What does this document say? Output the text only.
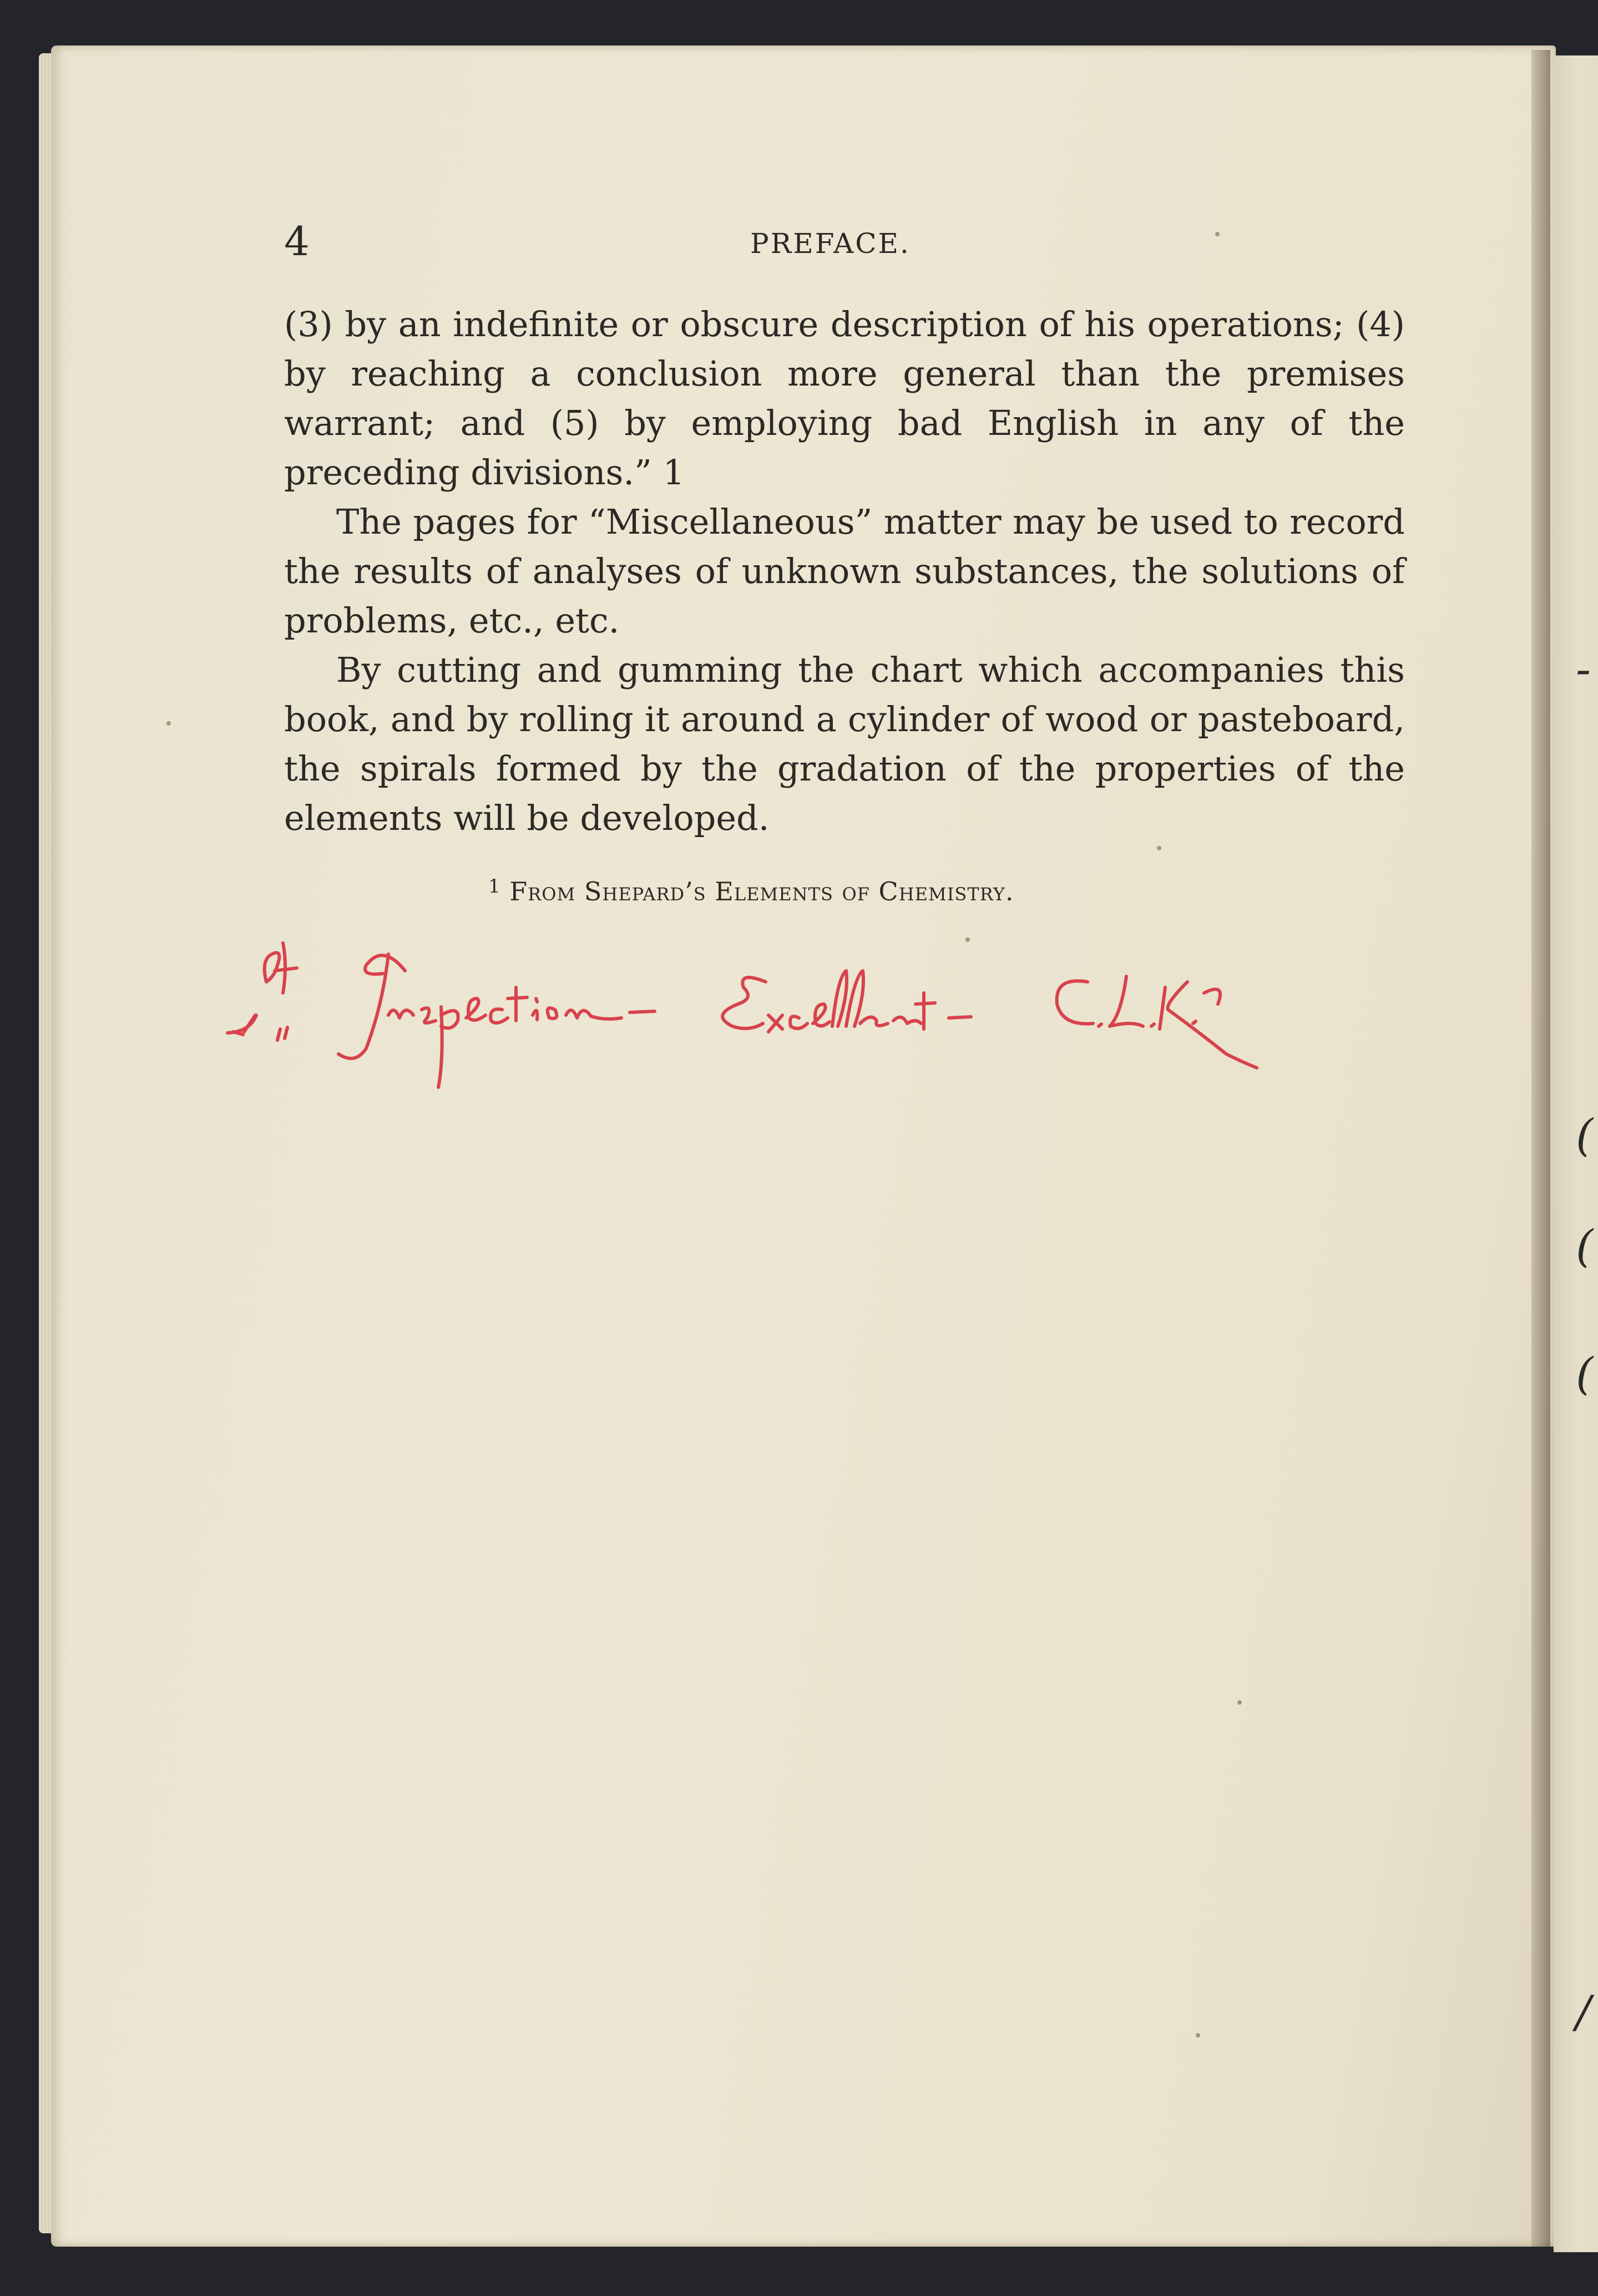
-
(
(
(
/
4	PREFACE.

(3) by an indefinite or obscure description of his operations; (4) by reaching a conclusion more general than the premises warrant; and (5) by employing bad English in any of the preceding divisions.” 1

The pages for “Miscellaneous” matter may be used to record the results of analyses of unknown substances, the solutions of problems, etc., etc.

By cutting and gumming the chart which accompanies this book, and by rolling it around a cylinder of wood or pasteboard, the spirals formed by the gradation of the properties of the elements will be developed.

$^1$ From Shepard’s Elements of Chemistry.
